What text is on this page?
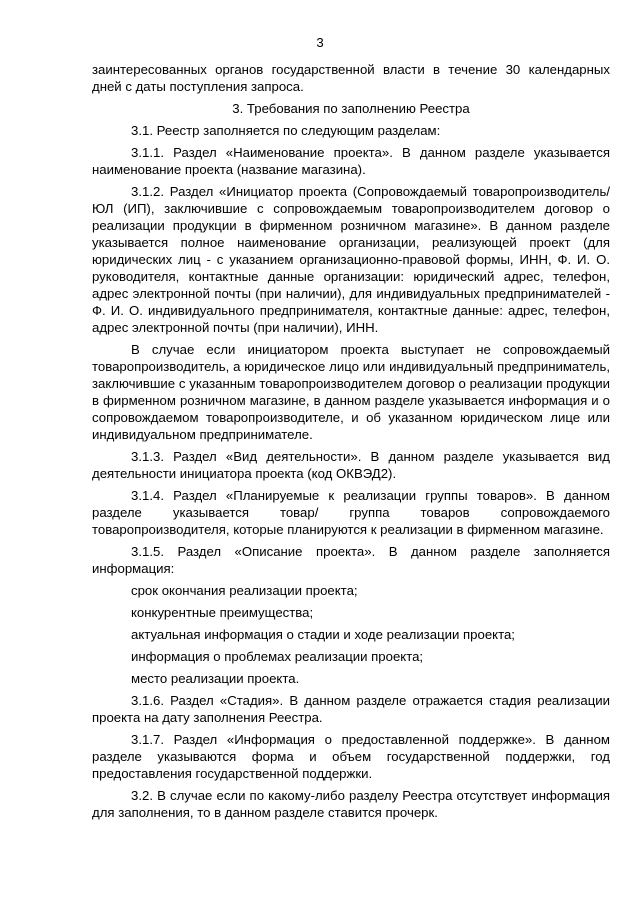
3

заинтересованных органов государственной власти в течение 30 календарных дней с даты поступления запроса.

3. Требования по заполнению Реестра

3.1. Реестр заполняется по следующим разделам:

3.1.1. Раздел «Наименование проекта». В данном разделе указывается наименование проекта (название магазина).

3.1.2. Раздел «Инициатор проекта (Сопровождаемый товаропроизводитель/ ЮЛ (ИП), заключившие с сопровождаемым товаропроизводителем договор о реализации продукции в фирменном розничном магазине». В данном разделе указывается полное наименование организации, реализующей проект (для юридических лиц - с указанием организационно-правовой формы, ИНН, Ф. И. О. руководителя, контактные данные организации: юридический адрес, телефон, адрес электронной почты (при наличии), для индивидуальных предпринимателей - Ф. И. О. индивидуального предпринимателя, контактные данные: адрес, телефон, адрес электронной почты (при наличии), ИНН.

В случае если инициатором проекта выступает не сопровождаемый товаропроизводитель, а юридическое лицо или индивидуальный предприниматель, заключившие с указанным товаропроизводителем договор о реализации продукции в фирменном розничном магазине, в данном разделе указывается информация и о сопровождаемом товаропроизводителе, и об указанном юридическом лице или индивидуальном предпринимателе.

3.1.3. Раздел «Вид деятельности». В данном разделе указывается вид деятельности инициатора проекта (код ОКВЭД2).

3.1.4. Раздел «Планируемые к реализации группы товаров». В данном разделе указывается товар/ группа товаров сопровождаемого товаропроизводителя, которые планируются к реализации в фирменном магазине.

3.1.5. Раздел «Описание проекта». В данном разделе заполняется информация:

срок окончания реализации проекта;

конкурентные преимущества;

актуальная информация о стадии и ходе реализации проекта;

информация о проблемах реализации проекта;

место реализации проекта.

3.1.6. Раздел «Стадия». В данном разделе отражается стадия реализации проекта на дату заполнения Реестра.

3.1.7. Раздел «Информация о предоставленной поддержке». В данном разделе указываются форма и объем государственной поддержки, год предоставления государственной поддержки.

3.2. В случае если по какому-либо разделу Реестра отсутствует информация для заполнения, то в данном разделе ставится прочерк.
